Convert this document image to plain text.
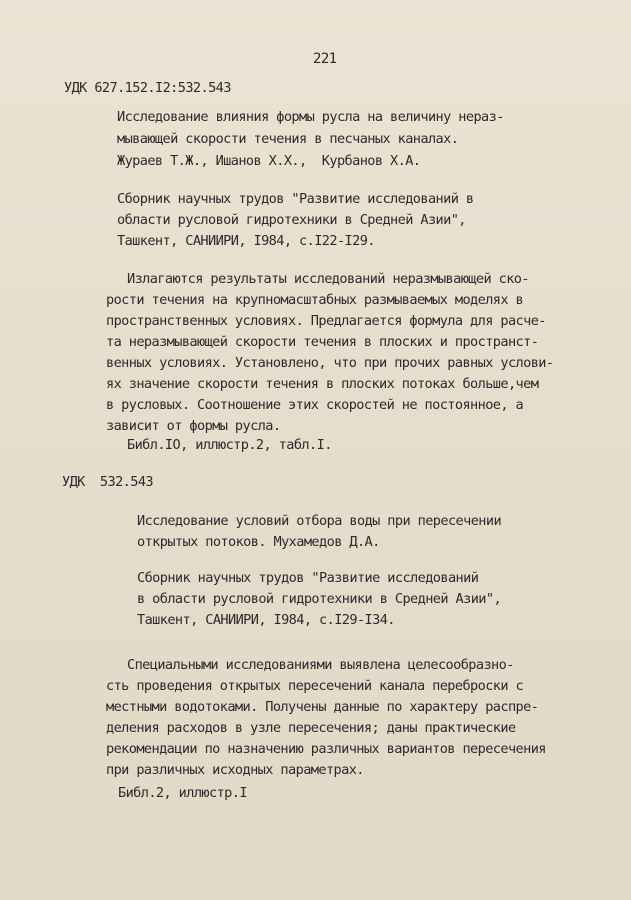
221
УДК 627.152.I2:532.543
Исследование влияния формы русла на величину нераз-
мывающей скорости течения в песчаных каналах.
Жураев Т.Ж., Ишанов Х.Х.,  Курбанов Х.А.
Сборник научных трудов "Развитие исследований в
области русловой гидротехники в Средней Азии",
Ташкент, САНИИРИ, I984, с.I22-I29.
Излагаются результаты исследований неразмывающей ско-
рости течения на крупномасштабных размываемых моделях в
пространственных условиях. Предлагается формула для расче-
та неразмывающей скорости течения в плоских и пространст-
венных условиях. Установлено, что при прочих равных услови-
ях значение скорости течения в плоских потоках больше,чем
в русловых. Соотношение этих скоростей не постоянное, а
зависит от формы русла.
Библ.IO, иллюстр.2, табл.I.
УДК  532.543
Исследование условий отбора воды при пересечении
открытых потоков. Мухамедов Д.А.
Сборник научных трудов "Развитие исследований
в области русловой гидротехники в Средней Азии",
Ташкент, САНИИРИ, I984, с.I29-I34.
Специальными исследованиями выявлена целесообразно-
сть проведения открытых пересечений канала переброски с
местными водотоками. Получены данные по характеру распре-
деления расходов в узле пересечения; даны практические
рекомендации по назначению различных вариантов пересечения
при различных исходных параметрах.
Библ.2, иллюстр.I
